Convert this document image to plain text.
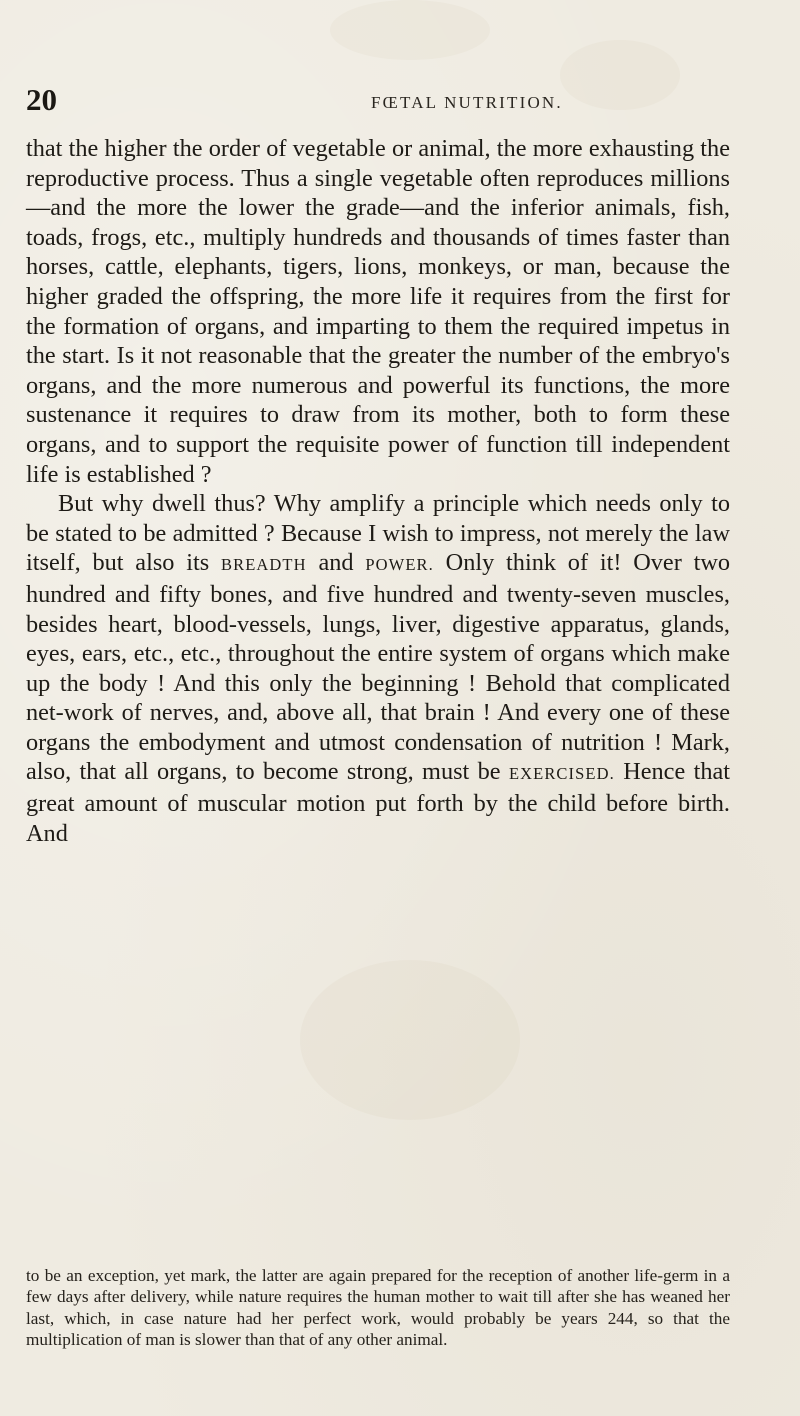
20	FŒTAL NUTRITION.

that the higher the order of vegetable or animal, the more exhausting the reproductive process. Thus a single vegetable often reproduces millions—and the more the lower the grade—and the inferior animals, fish, toads, frogs, etc., multiply hundreds and thousands of times faster than horses, cattle, elephants, tigers, lions, monkeys, or man, because the higher graded the offspring, the more life it requires from the first for the formation of organs, and imparting to them the required impetus in the start. Is it not reasonable that the greater the number of the embryo's organs, and the more numerous and powerful its functions, the more sustenance it requires to draw from its mother, both to form these organs, and to support the requisite power of function till independent life is established ?

But why dwell thus? Why amplify a principle which needs only to be stated to be admitted ? Because I wish to impress, not merely the law itself, but also its BREADTH and POWER. Only think of it! Over two hundred and fifty bones, and five hundred and twenty-seven muscles, besides heart, blood-vessels, lungs, liver, digestive apparatus, glands, eyes, ears, etc., etc., throughout the entire system of organs which make up the body ! And this only the beginning ! Behold that complicated net-work of nerves, and, above all, that brain ! And every one of these organs the embodyment and utmost condensation of nutrition ! Mark, also, that all organs, to become strong, must be EXERCISED. Hence that great amount of muscular motion put forth by the child before birth. And

to be an exception, yet mark, the latter are again prepared for the reception of another life-germ in a few days after delivery, while nature requires the human mother to wait till after she has weaned her last, which, in case nature had her perfect work, would probably be years 244, so that the multiplication of man is slower than that of any other animal.
